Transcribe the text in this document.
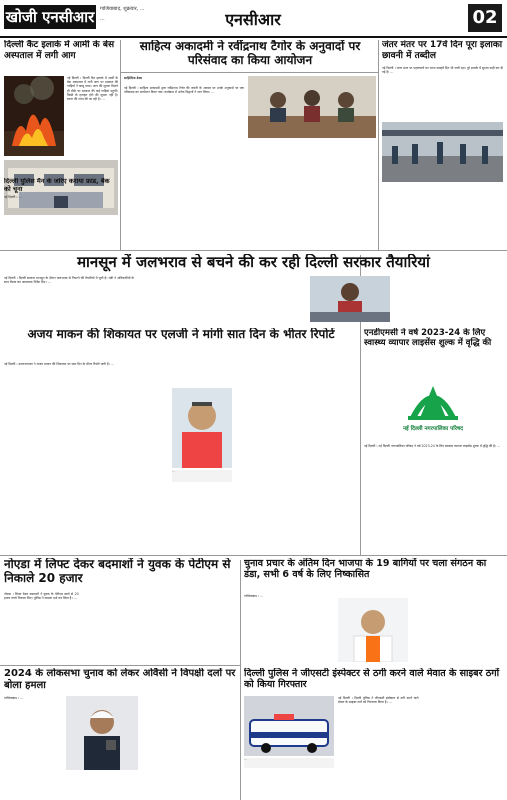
खोजी एनसीआर	गाजियाबाद, शुक्रवार, ...
...	एनसीआर	02
दिल्ली कैंट इलाके में आर्मी के बेस अस्पताल में लगी आग
नई दिल्ली । दिल्ली कैंट इलाके में आर्मी के बेस अस्पताल में लगी आग पर दमकल की गाड़ियों ने काबू पाया। आग की सूचना मिलते ही मौके पर दमकल की कई गाड़ियां पहुंचीं। किसी के हताहत होने की सूचना नहीं है। घटना की जांच की जा रही है। ...
दिल्ली पुलिस मैन के जरिए कराया फ्राड, बैंक को चूना
नई दिल्ली । ...
साहित्य अकादमी ने रवींद्रनाथ टैगोर के अनुवादों पर परिसंवाद का किया आयोजन
साहित्यिक डेस्क
नई दिल्ली । साहित्य अकादमी द्वारा रवींद्रनाथ टैगोर की जयंती के अवसर पर उनके अनुवादों पर एक परिसंवाद का आयोजन किया गया। कार्यक्रम में अनेक विद्वानों ने भाग लिया। ...
जंतर मंतर पर 17वें दिन पूरा इलाका छावनी में तब्दील
नई दिल्ली । जंतर मंतर पर पहलवानों का धरना सत्रहवें दिन भी जारी रहा। पूरे इलाके में सुरक्षा कड़ी कर दी गई है। ...
मानसून में जलभराव से बचने की कर रही दिल्ली सरकार तैयारियां
नई दिल्ली । दिल्ली सरकार मानसून के दौरान जलभराव से निपटने की तैयारियों में जुटी है। मंत्री ने अधिकारियों के साथ बैठक कर आवश्यक निर्देश दिए। ...
अजय माकन की शिकायत पर एलजी ने मांगी सात दिन के भीतर रिपोर्ट
नई दिल्ली । उपराज्यपाल ने अजय माकन की शिकायत पर सात दिन के भीतर रिपोर्ट मांगी है। ...
...
एनडीएमसी ने वर्ष 2023-24 के लिए स्वास्थ्य व्यापार लाइसेंस शुल्क में वृद्धि की
नई दिल्ली नगरपालिका परिषद
नई दिल्ली । नई दिल्ली नगरपालिका परिषद ने वर्ष 2023-24 के लिए स्वास्थ्य व्यापार लाइसेंस शुल्क में वृद्धि की है। ...
नोएडा में लिफ्ट देकर बदमाशों ने युवक के पेटीएम से निकाले 20 हजार
नोएडा । लिफ्ट देकर बदमाशों ने युवक के पेटीएम खाते से 20 हजार रुपये निकाल लिए। पुलिस ने मामला दर्ज कर लिया है। ...
चुनाव प्रचार के अंतिम दिन भाजपा के 19 बागियों पर चला संगठन का डंडा, सभी 6 वर्ष के लिए निष्कासित
गाजियाबाद । ...
2024 के लोकसभा चुनाव को लेकर ओवैसी ने विपक्षी दलों पर बोला हमला
गाजियाबाद । ...
दिल्ली पुलिस ने जीएसटी इंस्पेक्टर से ठगी करने वाले मेवात के साइबर ठगों को किया गिरफ्तार
...
नई दिल्ली । दिल्ली पुलिस ने जीएसटी इंस्पेक्टर से ठगी करने वाले मेवात के साइबर ठगों को गिरफ्तार किया है। ...
